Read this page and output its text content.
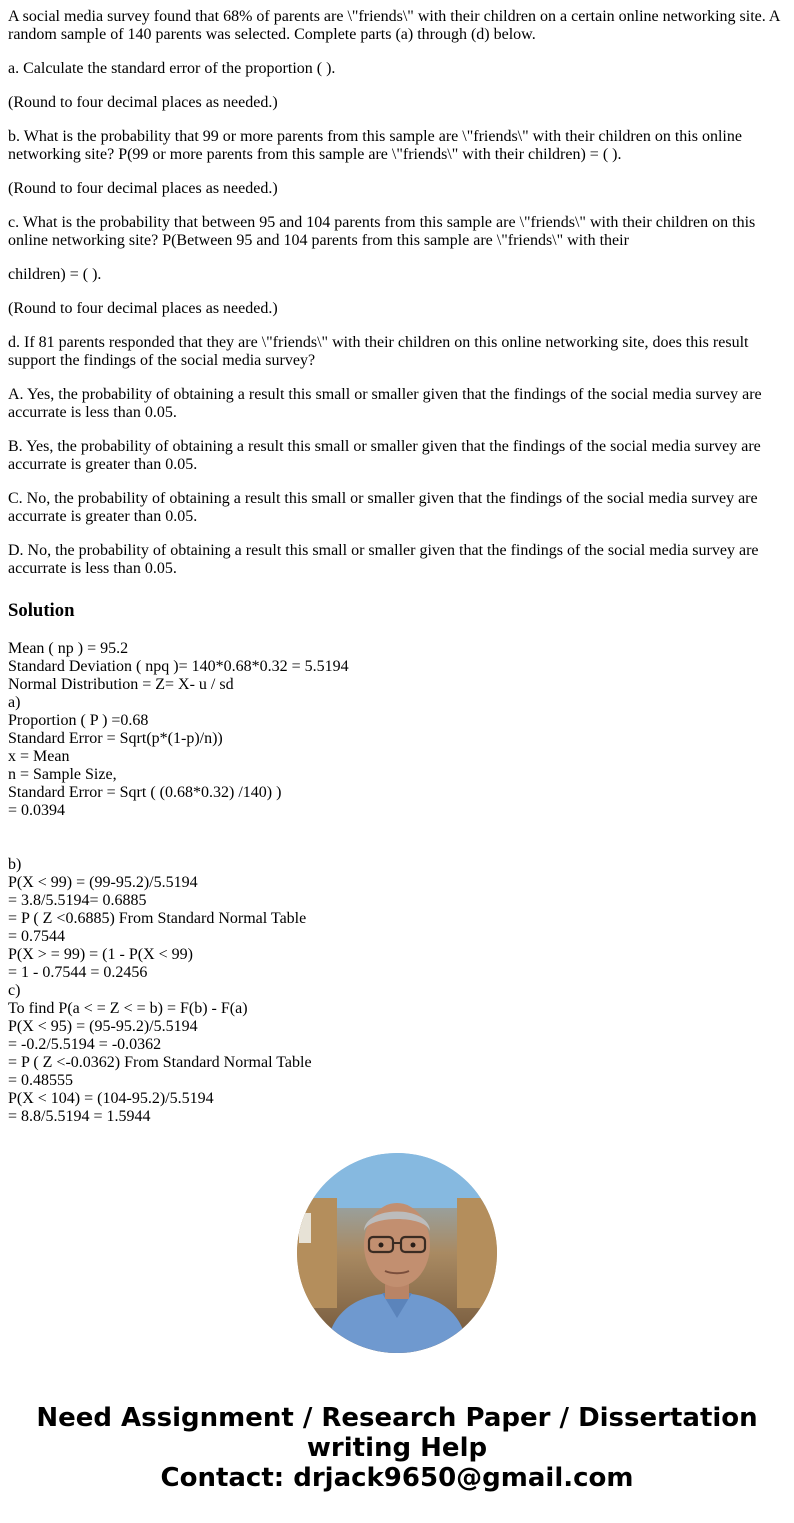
A social media survey found that 68% of parents are \"friends\" with their children on a certain online networking site. A random sample of 140 parents was selected. Complete parts (a) through (d) below.
a. Calculate the standard error of the proportion ( ).
(Round to four decimal places as needed.)
b. What is the probability that 99 or more parents from this sample are \"friends\" with their children on this online networking site? P(99 or more parents from this sample are \"friends\" with their children) = ( ).
(Round to four decimal places as needed.)
c. What is the probability that between 95 and 104 parents from this sample are \"friends\" with their children on this online networking site? P(Between 95 and 104 parents from this sample are \"friends\" with their
children) = ( ).
(Round to four decimal places as needed.)
d. If 81 parents responded that they are \"friends\" with their children on this online networking site, does this result support the findings of the social media survey?
A. Yes, the probability of obtaining a result this small or smaller given that the findings of the social media survey are accurrate is less than 0.05.
B. Yes, the probability of obtaining a result this small or smaller given that the findings of the social media survey are accurrate is greater than 0.05.
C. No, the probability of obtaining a result this small or smaller given that the findings of the social media survey are accurrate is greater than 0.05.
D. No, the probability of obtaining a result this small or smaller given that the findings of the social media survey are accurrate is less than 0.05.
Solution
Mean ( np ) = 95.2
Standard Deviation ( npq )= 140*0.68*0.32 = 5.5194
Normal Distribution = Z= X- u / sd
a)
Proportion ( P ) =0.68
Standard Error = Sqrt(p*(1-p)/n))
x = Mean
n = Sample Size,
Standard Error = Sqrt ( (0.68*0.32) /140) )
= 0.0394
b)
P(X < 99) = (99-95.2)/5.5194
= 3.8/5.5194= 0.6885
= P ( Z <0.6885) From Standard Normal Table
= 0.7544
P(X > = 99) = (1 - P(X < 99)
= 1 - 0.7544 = 0.2456
c)
To find P(a < = Z < = b) = F(b) - F(a)
P(X < 95) = (95-95.2)/5.5194
= -0.2/5.5194 = -0.0362
= P ( Z <-0.0362) From Standard Normal Table
= 0.48555
P(X < 104) = (104-95.2)/5.5194
= 8.8/5.5194 = 1.5944
Need Assignment / Research Paper / Dissertation
writing Help
Contact: drjack9650@gmail.com
